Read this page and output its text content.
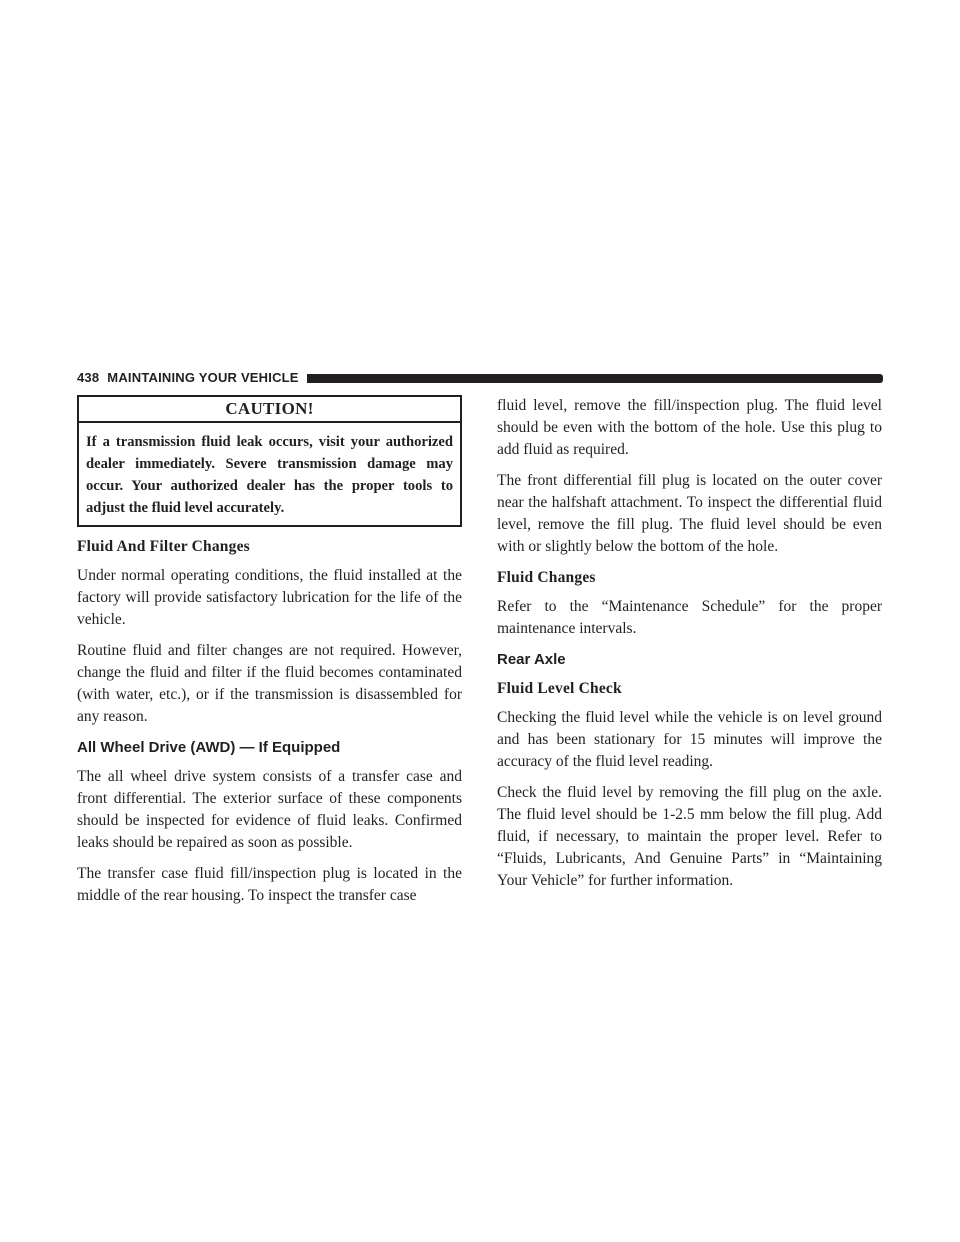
438 MAINTAINING YOUR VEHICLE
CAUTION!
If a transmission fluid leak occurs, visit your authorized dealer immediately. Severe transmission damage may occur. Your authorized dealer has the proper tools to adjust the fluid level accurately.
Fluid And Filter Changes

Under normal operating conditions, the fluid installed at the factory will provide satisfactory lubrication for the life of the vehicle.

Routine fluid and filter changes are not required. However, change the fluid and filter if the fluid becomes contaminated (with water, etc.), or if the transmission is disassembled for any reason.

All Wheel Drive (AWD) — If Equipped

The all wheel drive system consists of a transfer case and front differential. The exterior surface of these components should be inspected for evidence of fluid leaks. Confirmed leaks should be repaired as soon as possible.

The transfer case fluid fill/inspection plug is located in the middle of the rear housing. To inspect the transfer case

fluid level, remove the fill/inspection plug. The fluid level should be even with the bottom of the hole. Use this plug to add fluid as required.

The front differential fill plug is located on the outer cover near the halfshaft attachment. To inspect the differential fluid level, remove the fill plug. The fluid level should be even with or slightly below the bottom of the hole.

Fluid Changes

Refer to the “Maintenance Schedule” for the proper maintenance intervals.

Rear Axle
Fluid Level Check

Checking the fluid level while the vehicle is on level ground and has been stationary for 15 minutes will improve the accuracy of the fluid level reading.

Check the fluid level by removing the fill plug on the axle. The fluid level should be 1-2.5 mm below the fill plug. Add fluid, if necessary, to maintain the proper level. Refer to “Fluids, Lubricants, And Genuine Parts” in “Maintaining Your Vehicle” for further information.
